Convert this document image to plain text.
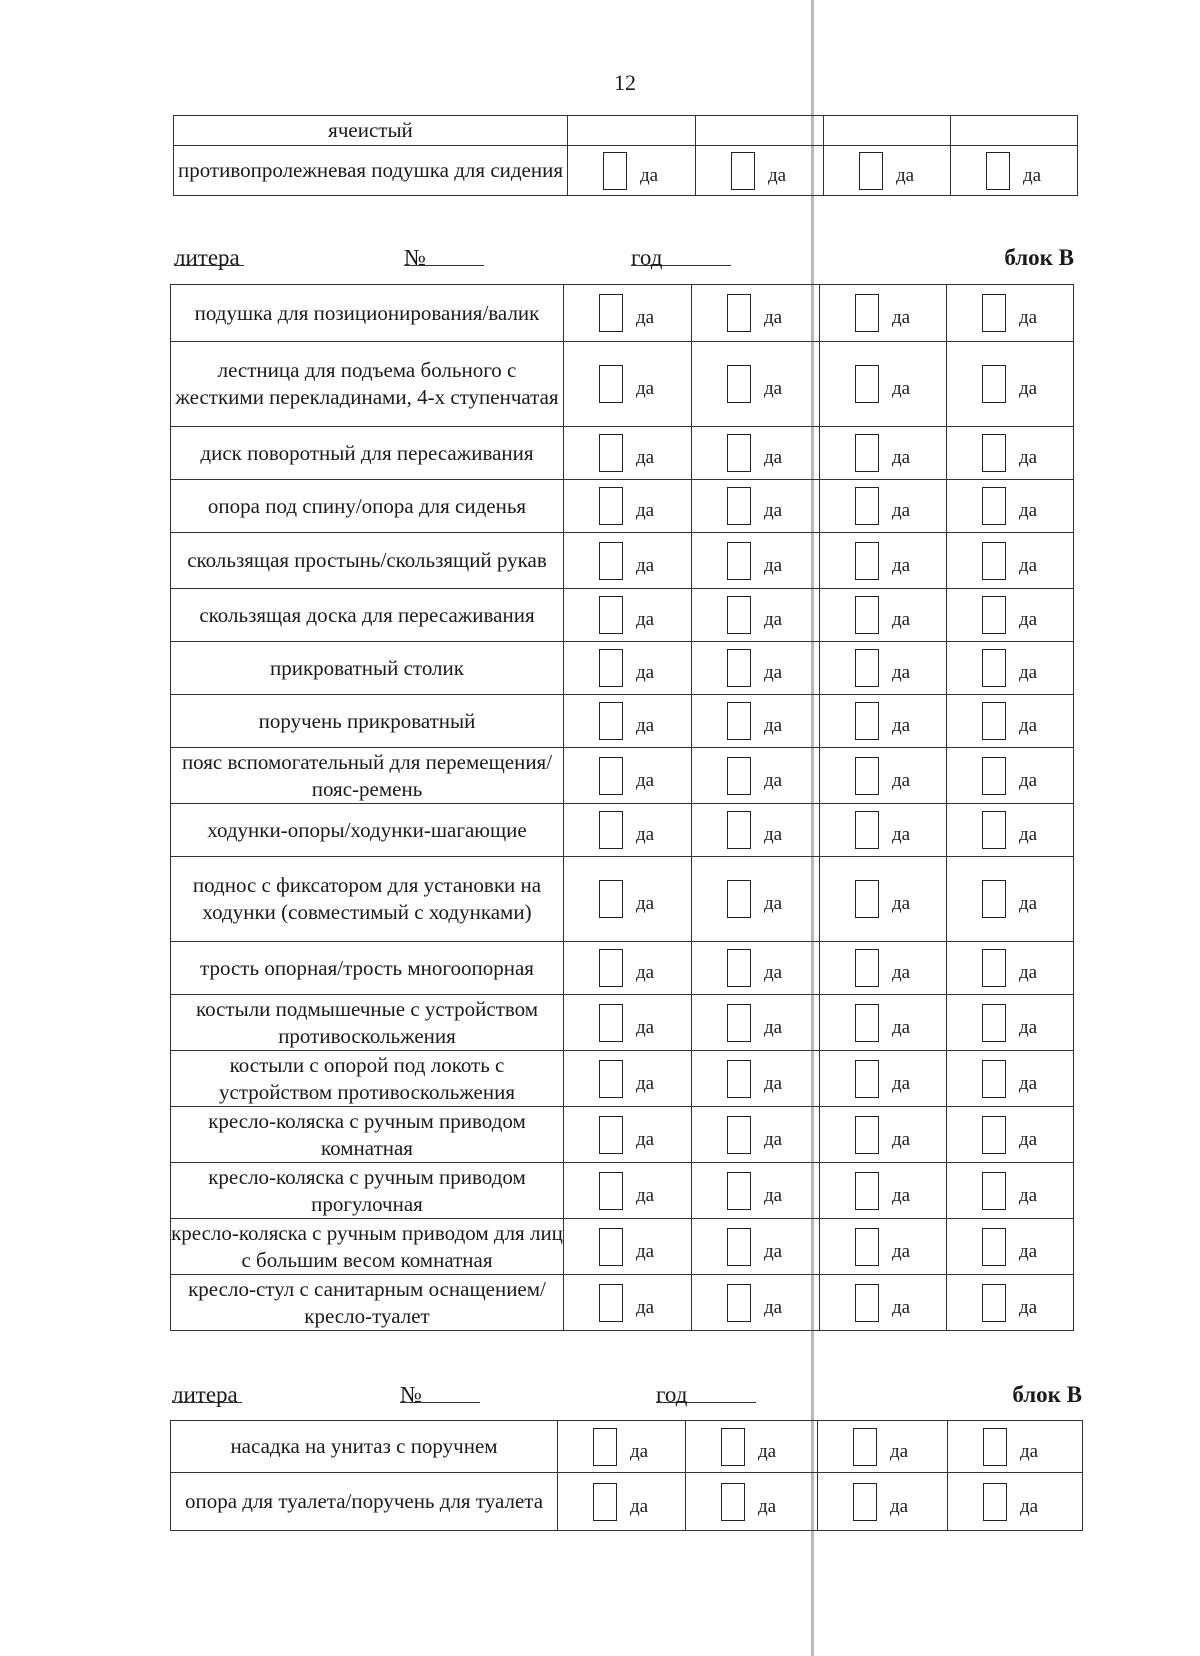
12
ячеистый				
противопролежневая подушка для сидения	да	да	да	да
литера	№	год	блок В
подушка для позиционирования/валик	да	да	да	да

лестница для подъема больного с жесткими перекладинами, 4-х ступенчатая	да	да	да	да

диск поворотный для пересаживания	да	да	да	да

опора под спину/опора для сиденья	да	да	да	да

скользящая простынь/скользящий рукав	да	да	да	да

скользящая доска для пересаживания	да	да	да	да

прикроватный столик	да	да	да	да

поручень прикроватный	да	да	да	да

пояс вспомогательный для перемещения/пояс-ремень	да	да	да	да

ходунки-опоры/ходунки-шагающие	да	да	да	да

поднос с фиксатором для установки на ходунки (совместимый с ходунками)	да	да	да	да

трость опорная/трость многоопорная	да	да	да	да

костыли подмышечные с устройством противоскольжения	да	да	да	да

костыли с опорой под локоть с устройством противоскольжения	да	да	да	да

кресло-коляска с ручным приводом комнатная	да	да	да	да

кресло-коляска с ручным приводом прогулочная	да	да	да	да

кресло-коляска с ручным приводом для лиц с большим весом комнатная	да	да	да	да

кресло-стул с санитарным оснащением/кресло-туалет	да	да	да	да
литера	№	год	блок В
насадка на унитаз с поручнем	да	да	да	да

опора для туалета/поручень для туалета	да	да	да	да
